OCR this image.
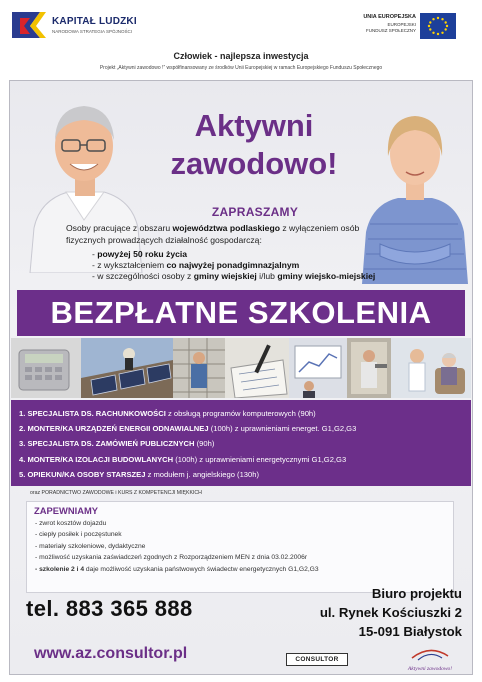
KAPITAŁ LUDZKI
NARODOWA STRATEGIA SPÓJNOŚCI
UNIA EUROPEJSKA
EUROPEJSKI
FUNDUSZ SPOŁECZNY
Człowiek - najlepsza inwestycja
Projekt „Aktywni zawodowo !” współfinansowany ze środków Unii Europejskiej w ramach Europejskiego Funduszu Społecznego
Aktywni
zawodowo!
ZAPRASZAMY
Osoby pracujące z obszaru województwa podlaskiego z wyłączeniem osób fizycznych prowadzących działalność gospodarczą:
- powyżej 50 roku życia
- z wykształceniem co najwyżej ponadgimnazjalnym
- w szczególności osoby z gminy wiejskiej i/lub gminy wiejsko-miejskiej
BEZPŁATNE SZKOLENIA
1. SPECJALISTA DS. RACHUNKOWOŚCI z obsługą programów komputerowych (90h)
2. MONTER/KA URZĄDZEŃ ENERGII ODNAWIALNEJ (100h) z uprawnieniami energet. G1,G2,G3
3. SPECJALISTA DS. ZAMÓWIEŃ PUBLICZNYCH (90h)
4. MONTER/KA IZOLACJI BUDOWLANYCH (100h) z uprawnieniami energetycznymi G1,G2,G3
5. OPIEKUN/KA OSOBY STARSZEJ z modułem j. angielskiego (130h)
oraz PORADNICTWO ZAWODOWE i KURS Z KOMPETENCJI MIĘKKICH
ZAPEWNIAMY
- zwrot kosztów dojazdu
- ciepły posiłek i poczęstunek
- materiały szkoleniowe, dydaktyczne
- możliwość uzyskania zaświadczeń zgodnych z Rozporządzeniem MEN z dnia 03.02.2006r
- szkolenie 2 i 4 daje możliwość uzyskania państwowych świadectw energetycznych G1,G2,G3
tel. 883 365 888
Biuro projektu
ul. Rynek Kościuszki 2
15-091 Białystok
www.az.consultor.pl	CONSULTOR
Aktywni zawodowo!
